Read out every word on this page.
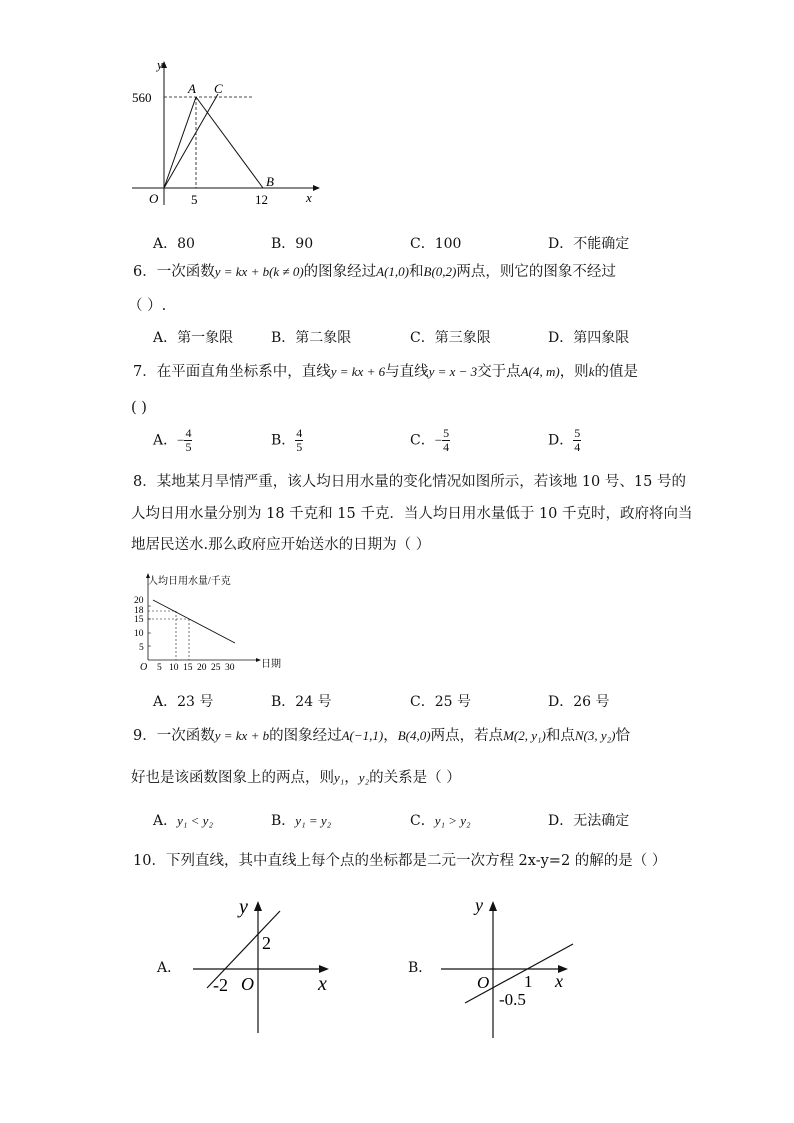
y
x
O
560
5	12
A C
B
A．80	B．90	C．100	D．不能确定
6．一次函数y = kx + b(k ≠ 0)的图象经过A(1,0)和B(0,2)两点，则它的图象不经过
（ ）.
A．第一象限	B．第二象限	C．第三象限	D．第四象限
7．在平面直角坐标系中，直线y = kx + 6与直线y = x − 3交于点A(4, m)，则k的值是
( )
A．− $\frac{4}{5}$	B． $\frac{4}{5}$	C．− $\frac{5}{4}$	D． $\frac{5}{4}$
8．某地某月旱情严重，该人均日用水量的变化情况如图所示，若该地 10 号、15 号的
人均日用水量分别为 18 千克和 15 千克．当人均日用水量低于 10 千克时，政府将向当
地居民送水.那么政府应开始送水的日期为（ ）
人均日用水量/千克
日期
O
20
18
15
10
5
5 10 15 20 25 30
A．23 号	B．24 号	C．25 号	D．26 号
9．一次函数y = kx + b的图象经过A(−1,1)，B(4,0)两点，若点M(2, y₁)和点N(3, y₂)恰
好也是该函数图象上的两点，则y₁，y₂的关系是（ ）
A．y₁ < y₂	B．y₁ = y₂	C．y₁ > y₂	D．无法确定
10．下列直线，其中直线上每个点的坐标都是二元一次方程 2x-y=2 的解的是（ ）
A．
y
x
O
2
-2
B．
y
x
O 1
-0.5
